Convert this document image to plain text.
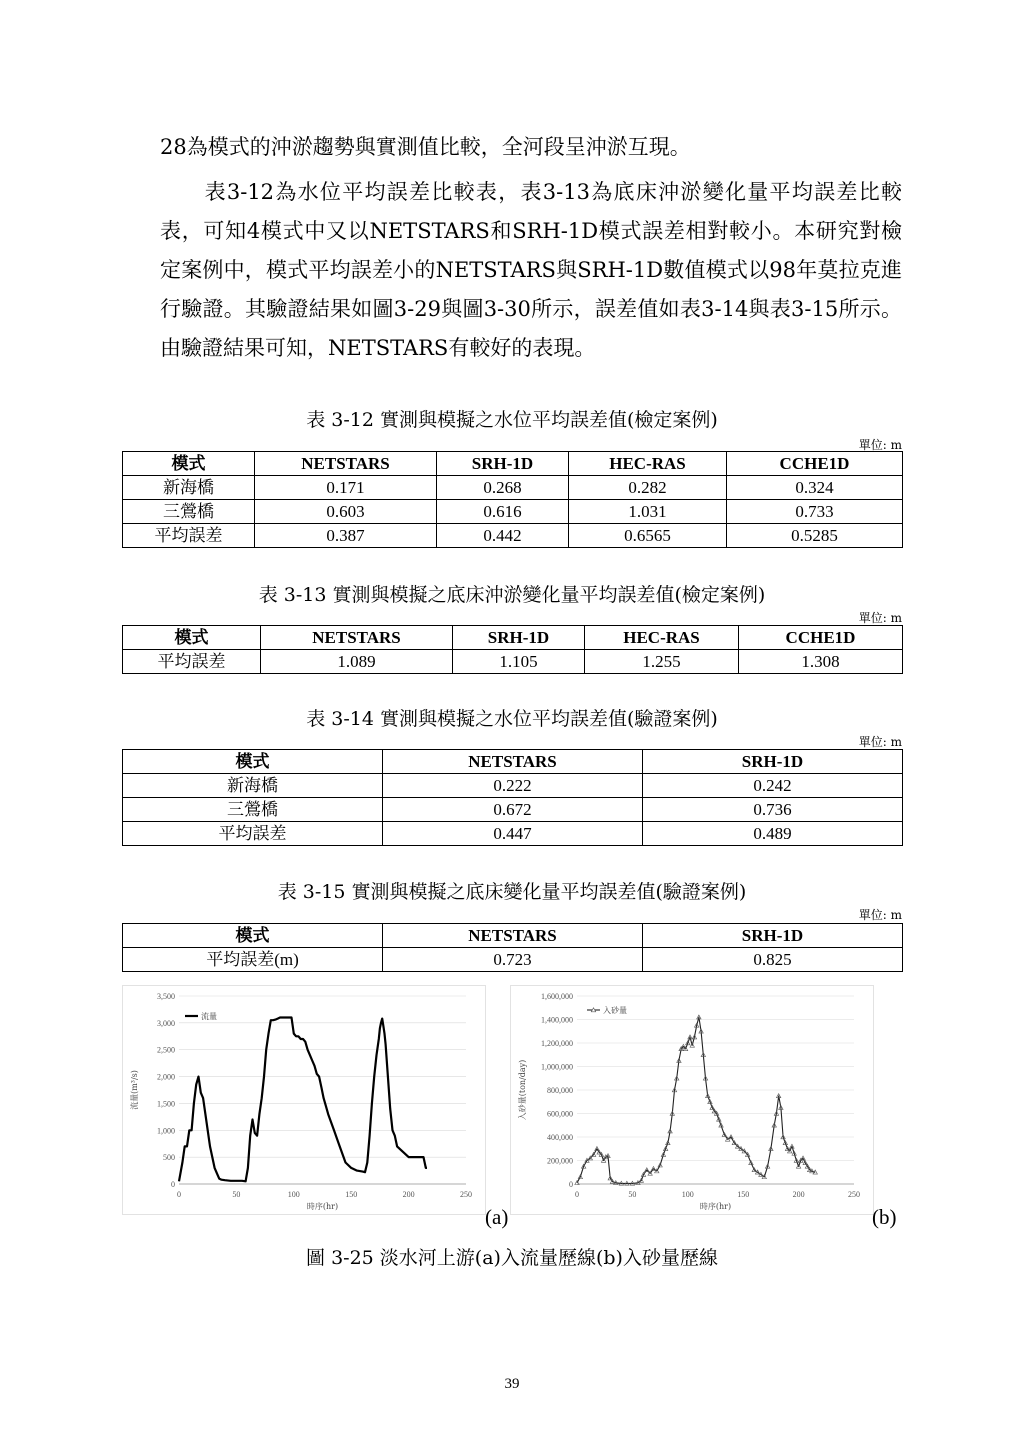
28為模式的沖淤趨勢與實測值比較，全河段呈沖淤互現。

　　表3-12為水位平均誤差比較表，表3-13為底床沖淤變化量平均誤差比較表，可知4模式中又以NETSTARS和SRH-1D模式誤差相對較小。本研究對檢定案例中，模式平均誤差小的NETSTARS與SRH-1D數值模式以98年莫拉克進行驗證。其驗證結果如圖3-29與圖3-30所示，誤差值如表3-14與表3-15所示。由驗證結果可知，NETSTARS有較好的表現。

表 3-12 實測與模擬之水位平均誤差值(檢定案例)
單位: m
模式	NETSTARS	SRH-1D	HEC-RAS	CCHE1D
新海橋	0.171	0.268	0.282	0.324
三鶯橋	0.603	0.616	1.031	0.733
平均誤差	0.387	0.442	0.6565	0.5285
表 3-13 實測與模擬之底床沖淤變化量平均誤差值(檢定案例)
單位: m
模式	NETSTARS	SRH-1D	HEC-RAS	CCHE1D
平均誤差	1.089	1.105	1.255	1.308
表 3-14 實測與模擬之水位平均誤差值(驗證案例)
單位: m
模式	NETSTARS	SRH-1D
新海橋	0.222	0.242
三鶯橋	0.672	0.736
平均誤差	0.447	0.489
表 3-15 實測與模擬之底床變化量平均誤差值(驗證案例)
單位: m
模式	NETSTARS	SRH-1D
平均誤差(m)	0.723	0.825
0
500
1,000
1,500
2,000
2,500
3,000
3,500
0	50	100	150	200	250
時序(hr)
流量(m³/s)
流量
(a)
0
200,000
400,000
600,000
800,000
1,000,000
1,200,000
1,400,000
1,600,000
0	50	100	150	200	250
時序(hr)
入砂量(ton/day)
入砂量
(b)
圖 3-25 淡水河上游(a)入流量歷線(b)入砂量歷線
39
